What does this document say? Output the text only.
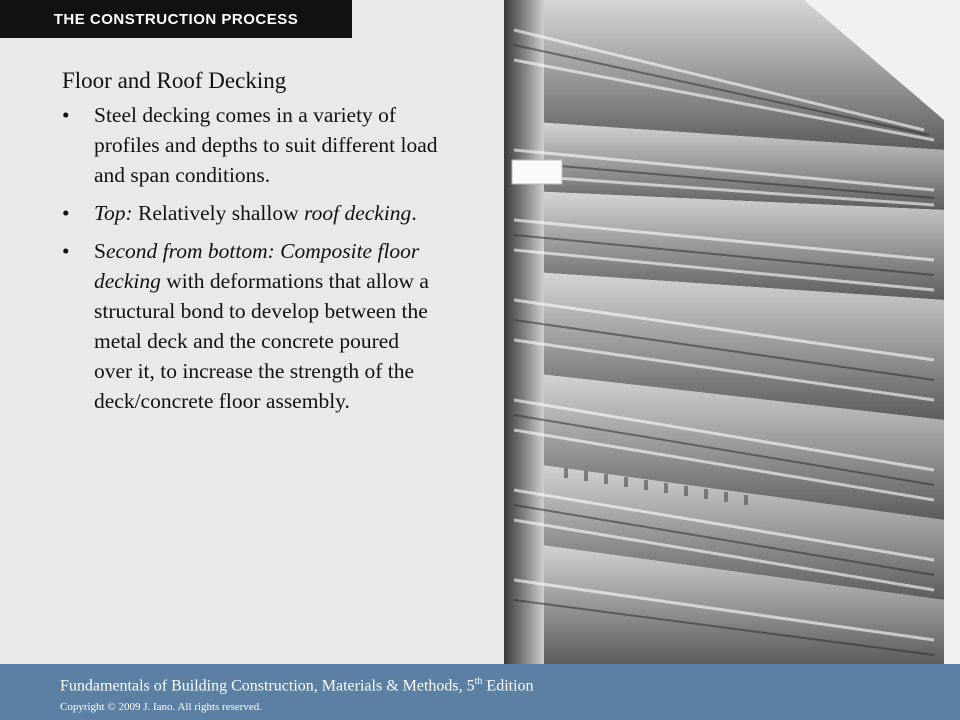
THE CONSTRUCTION PROCESS
Floor and Roof Decking
• Steel decking comes in a variety of profiles and depths to suit different load and span conditions.
• Top: Relatively shallow roof decking.
• Second from bottom: Composite floor decking with deformations that allow a structural bond to develop between the metal deck and the concrete poured over it, to increase the strength of the deck/concrete floor assembly.
Fundamentals of Building Construction, Materials & Methods, 5th Edition
Copyright © 2009 J. Iano. All rights reserved.
